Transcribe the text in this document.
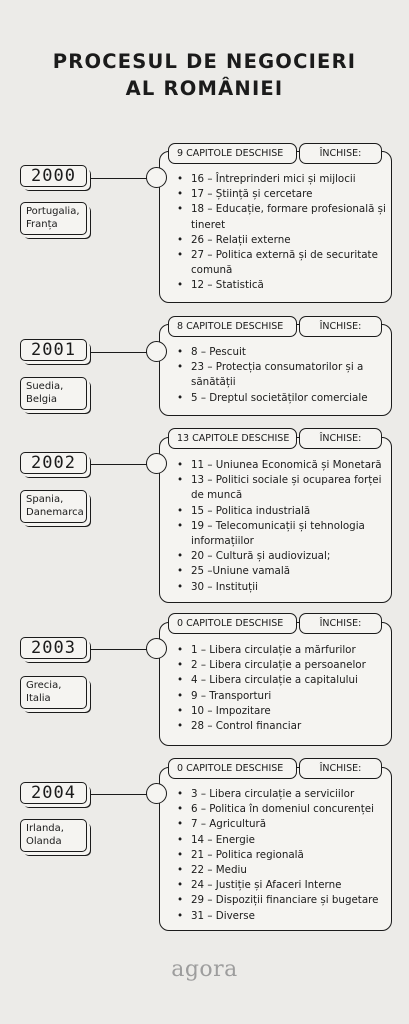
PROCESUL DE NEGOCIERI
AL ROMÂNIEI
2000
Portugalia,
Franța
9 CAPITOLE DESCHISE	ÎNCHISE:
• 16 – Întreprinderi mici și mijlocii
• 17 – Știință și cercetare
• 18 – Educație, formare profesională și tineret
• 26 – Relații externe
• 27 – Politica externă și de securitate comună
• 12 – Statistică
2001
Suedia,
Belgia
8 CAPITOLE DESCHISE	ÎNCHISE:
• 8 – Pescuit
• 23 – Protecția consumatorilor și a sănătății
• 5 – Dreptul societăților comerciale
2002
Spania,
Danemarca
13 CAPITOLE DESCHISE	ÎNCHISE:
• 11 – Uniunea Economică și Monetară
• 13 – Politici sociale și ocuparea forței de muncă
• 15 – Politica industrială
• 19 – Telecomunicații și tehnologia informațiilor
• 20 – Cultură și audiovizual;
• 25 –Uniune vamală
• 30 – Instituții
2003
Grecia,
Italia
0 CAPITOLE DESCHISE	ÎNCHISE:
• 1 – Libera circulație a mărfurilor
• 2 – Libera circulație a persoanelor
• 4 – Libera circulație a capitalului
• 9 – Transporturi
• 10 – Impozitare
• 28 – Control financiar
2004
Irlanda,
Olanda
0 CAPITOLE DESCHISE	ÎNCHISE:
• 3 – Libera circulație a serviciilor
• 6 – Politica în domeniul concurenței
• 7 – Agricultură
• 14 – Energie
• 21 – Politica regională
• 22 – Mediu
• 24 – Justiție și Afaceri Interne
• 29 – Dispoziții financiare și bugetare
• 31 – Diverse
agora
